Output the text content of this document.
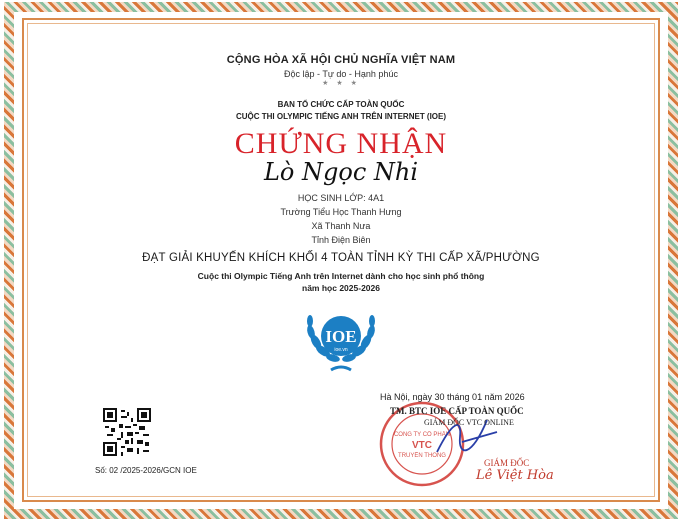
CỘNG HÒA XÃ HỘI CHỦ NGHĨA VIỆT NAM
Độc lập - Tự do - Hạnh phúc
★ ★ ★
BAN TỔ CHỨC CẤP TOÀN QUỐC
CUỘC THI OLYMPIC TIẾNG ANH TRÊN INTERNET (IOE)
CHỨNG NHẬN
Lò Ngọc Nhi
HỌC SINH LỚP: 4A1
Trường Tiểu Học Thanh Hưng
Xã Thanh Nưa
Tỉnh Điện Biên
ĐẠT GIẢI KHUYẾN KHÍCH KHỐI 4 TOÀN TỈNH KỲ THI CẤP XÃ/PHƯỜNG
Cuộc thi Olympic Tiếng Anh trên Internet dành cho học sinh phổ thông
năm học 2025-2026
IOE
ioe.vn
CÔNG TY CỔ PHẦN
VTC
TRUYỀN THÔNG
Hà Nội, ngày 30 tháng 01 năm 2026
TM. BTC IOE CẤP TOÀN QUỐC
GIÁM ĐỐC VTC ONLINE
GIÁM ĐỐC
Lê Việt Hòa
Số: 02 /2025-2026/GCN IOE
